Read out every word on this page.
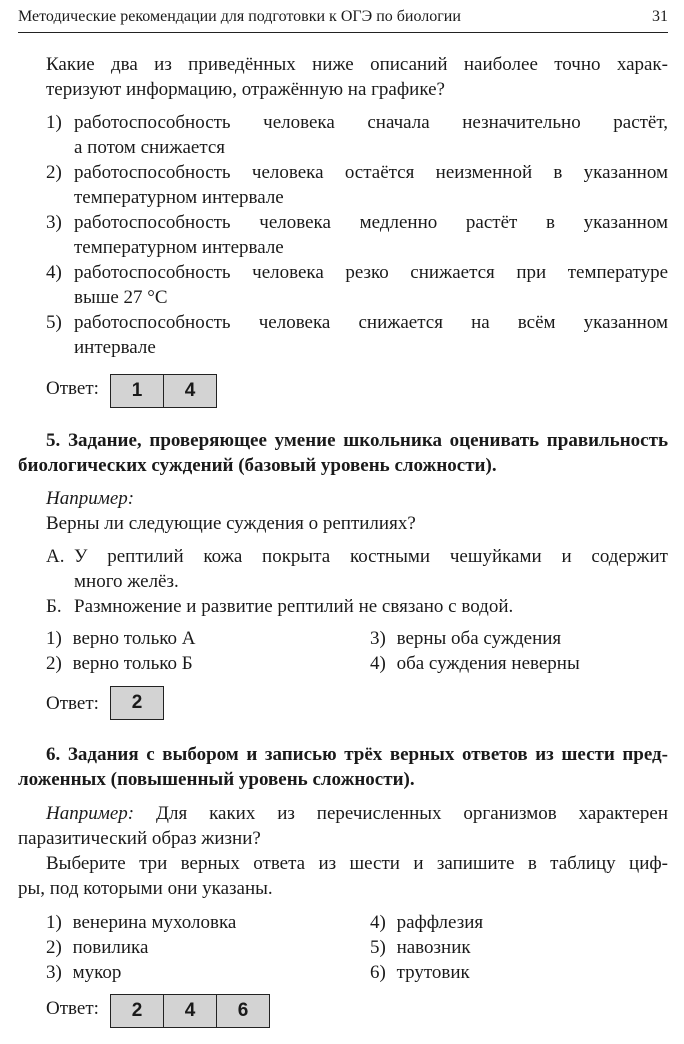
Методические рекомендации для подготовки к ОГЭ по биологии	31
Какие два из приведённых ниже описаний наиболее точно харак-
теризуют информацию, отражённую на графике?
1) работоспособность человека сначала незначительно растёт,
а потом снижается
2) работоспособность человека остаётся неизменной в указанном
температурном интервале
3) работоспособность человека медленно растёт в указанном
температурном интервале
4) работоспособность человека резко снижается при температуре
выше 27 °С
5) работоспособность человека снижается на всём указанном
интервале
Ответ:	1	4
5. Задание, проверяющее умение школьника оценивать правильность
биологических суждений (базовый уровень сложности).
Например:
Верны ли следующие суждения о рептилиях?
А. У рептилий кожа покрыта костными чешуйками и содержит
много желёз.
Б. Размножение и развитие рептилий не связано с водой.
1) верно только А
2) верно только Б
3) верны оба суждения
4) оба суждения неверны
Ответ:	2
6. Задания с выбором и записью трёх верных ответов из шести пред-
ложенных (повышенный уровень сложности).
Например: Для каких из перечисленных организмов характерен
паразитический образ жизни?
Выберите три верных ответа из шести и запишите в таблицу циф-
ры, под которыми они указаны.
1) венерина мухоловка
2) повилика
3) мукор
4) раффлезия
5) навозник
6) трутовик
Ответ:	2	4	6
